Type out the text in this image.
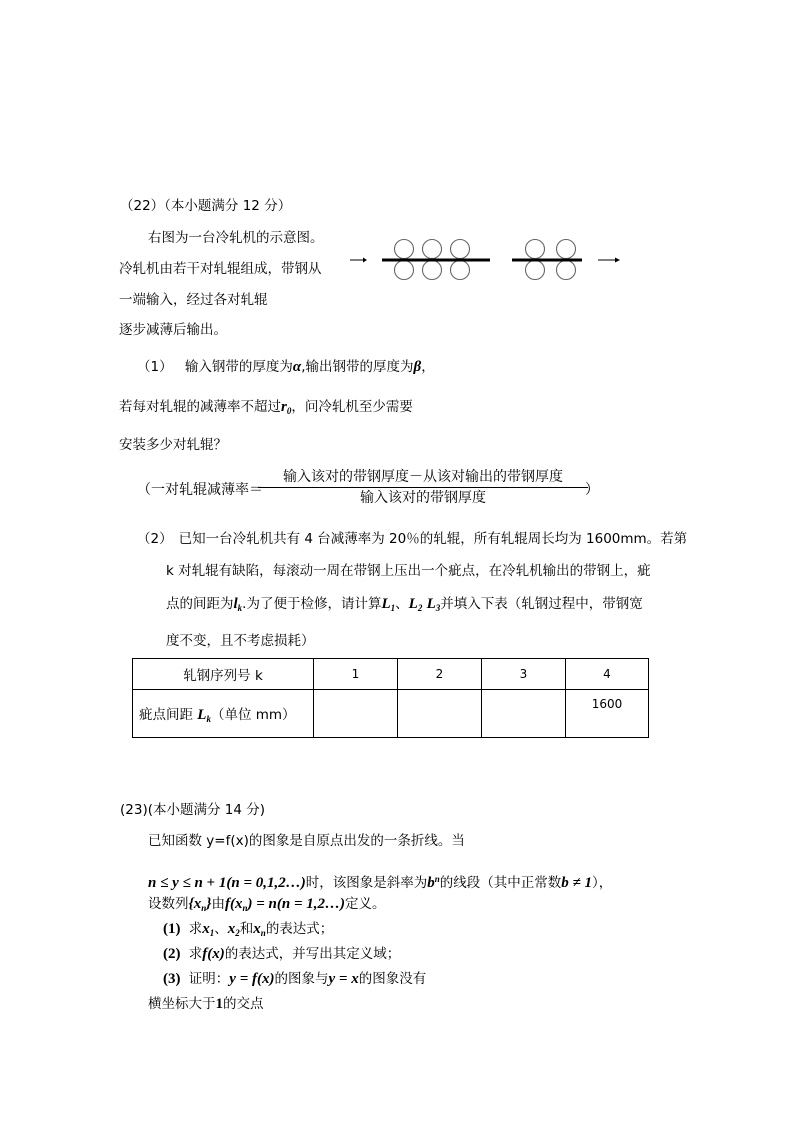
（22）（本小题满分 12 分）
右图为一台冷轧机的示意图。
冷轧机由若干对轧辊组成，带钢从
一端输入，经过各对轧辊
逐步减薄后输出。
（1） 输入钢带的厚度为α,输出钢带的厚度为β，
若每对轧辊的减薄率不超过$r_0$，问冷轧机至少需要
安装多少对轧辊？
（一对轧辊减薄率＝
输入该对的带钢厚度－从该对输出的带钢厚度
输入该对的带钢厚度	）
（2） 已知一台冷轧机共有 4 台减薄率为 20％的轧辊，所有轧辊周长均为 1600mm。若第
k 对轧辊有缺陷，每滚动一周在带钢上压出一个疵点，在冷轧机输出的带钢上，疵
点的间距为$l_k$.为了便于检修，请计算$L_1$、$L_2$ $L_3$并填入下表（轧钢过程中，带钢宽
度不变，且不考虑损耗）
轧钢序列号 k	1	2	3	4
疵点间距 $L_k$（单位 mm）				1600
(23)(本小题满分 14 分)
已知函数 y=f(x)的图象是自原点出发的一条折线。当
n ≤ y ≤ n + 1(n = 0,1,2…)时，该图象是斜率为$b^n$的线段（其中正常数b ≠ 1），
设数列$\{x_n\}$由$f(x_n) = n(n$ = 1,2…)定义。
(1) 求$x_1$、$x_2$和$x_n$的表达式；
(2) 求f(x)的表达式，并写出其定义域；
(3) 证明：y = f(x)的图象与y = x的图象没有
横坐标大于1的交点
